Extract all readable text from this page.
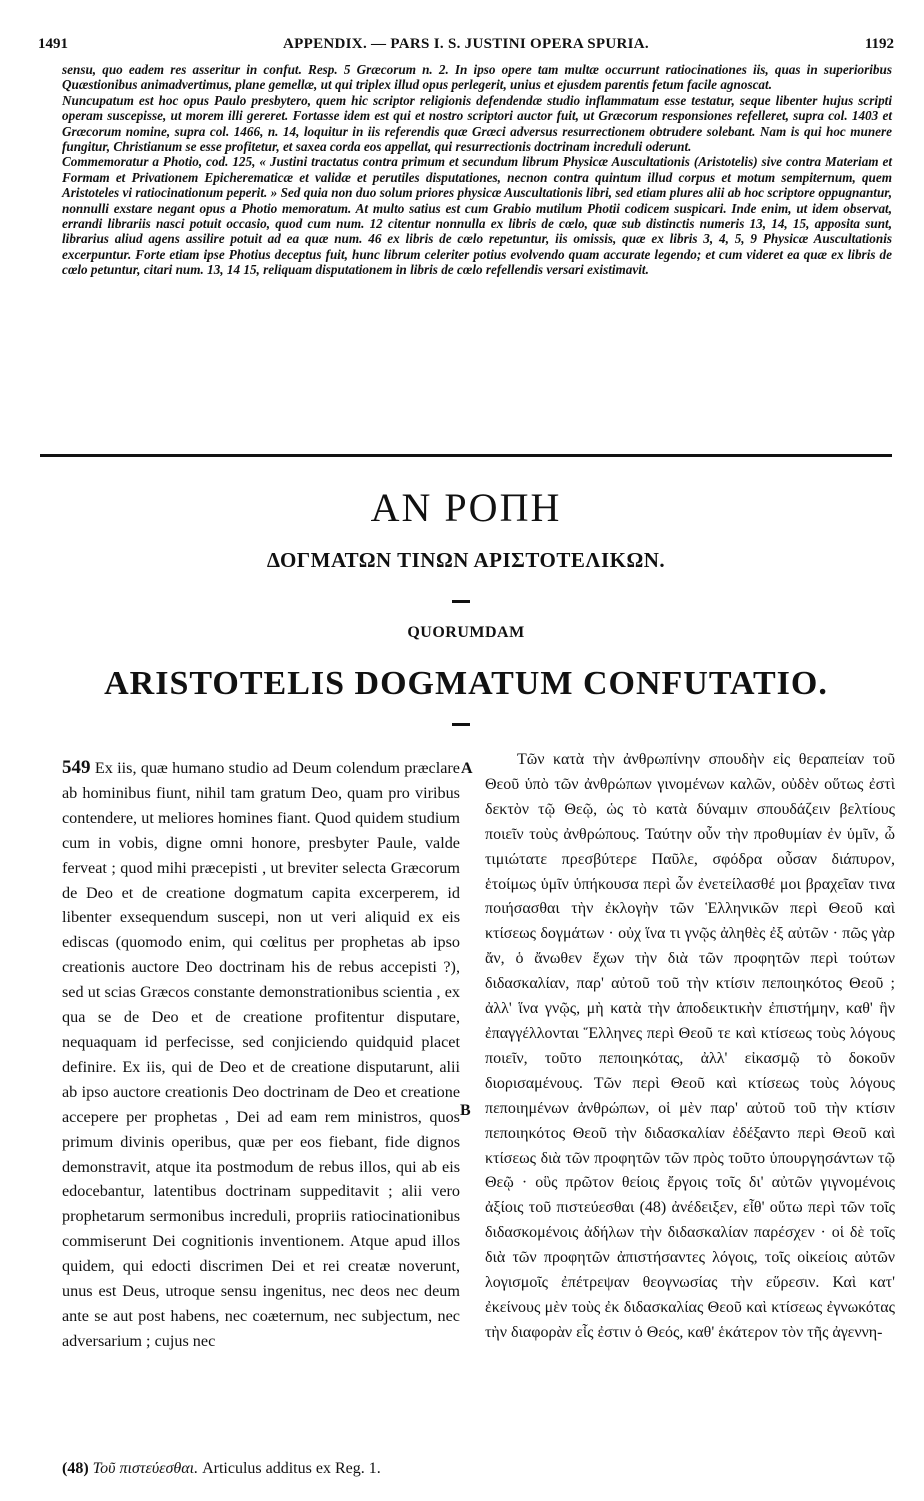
1491	APPENDIX. — PARS I. S. JUSTINI OPERA SPURIA.	1192

sensu, quo eadem res asseritur in confut. Resp. 5 Græcorum n. 2. In ipso opere tam multæ occurrunt ratiocinationes iis, quas in superioribus Quæstionibus animadvertimus, plane gemellæ, ut qui triplex illud opus perlegerit, unius et ejusdem parentis fetum facile agnoscat.

Nuncupatum est hoc opus Paulo presbytero, quem hic scriptor religionis defendendæ studio inflammatum esse testatur, seque libenter hujus scripti operam suscepisse, ut morem illi gereret. Fortasse idem est qui et nostro scriptori auctor fuit, ut Græcorum responsiones refelleret, supra col. 1403 et Græcorum nomine, supra col. 1466, n. 14, loquitur in iis referendis quæ Græci adversus resurrectionem obtrudere solebant. Nam is qui hoc munere fungitur, Christianum se esse profitetur, et saxea corda eos appellat, qui resurrectionis doctrinam increduli oderunt.

Commemoratur a Photio, cod. 125, « Justini tractatus contra primum et secundum librum Physicæ Auscultationis (Aristotelis) sive contra Materiam et Formam et Privationem Epicherematicæ et validæ et perutiles disputationes, necnon contra quintum illud corpus et motum sempiternum, quem Aristoteles vi ratiocinationum peperit. » Sed quia non duo solum priores physicæ Auscultationis libri, sed etiam plures alii ab hoc scriptore oppugnantur, nonnulli exstare negant opus a Photio memoratum. At multo satius est cum Grabio mutilum Photii codicem suspicari. Inde enim, ut idem observat, errandi librariis nasci potuit occasio, quod cum num. 12 citentur nonnulla ex libris de cœlo, quæ sub distinctis numeris 13, 14, 15, apposita sunt, librarius aliud agens assilire potuit ad ea quæ num. 46 ex libris de cœlo repetuntur, iis omissis, quæ ex libris 3, 4, 5, 9 Physicæ Auscultationis excerpuntur. Forte etiam ipse Photius deceptus fuit, hunc librum celeriter potius evolvendo quam accurate legendo; et cum videret ea quæ ex libris de cœlo petuntur, citari num. 13, 14 15, reliquam disputationem in libris de cœlo refellendis versari existimavit.

ΑΝ ΡΟΠΗ
ΔΟΓΜΑΤΩΝ ΤΙΝΩΝ ΑΡΙΣΤΟΤΕΛΙΚΩΝ.
QUORUMDAM
ARISTOTELIS DOGMATUM CONFUTATIO.

549 Ex iis, quæ humano studio ad Deum colendum præclare ab hominibus fiunt, nihil tam gratum Deo, quam pro viribus contendere, ut meliores homines fiant. Quod quidem studium cum in vobis, digne omni honore, presbyter Paule, valde ferveat ; quod mihi præcepisti , ut breviter selecta Græcorum de Deo et de creatione dogmatum capita excerperem, id libenter exsequendum suscepi, non ut veri aliquid ex eis ediscas (quomodo enim, qui cœlitus per prophetas ab ipso creationis auctore Deo doctrinam his de rebus accepisti ?), sed ut scias Græcos constante demonstrationibus scientia , ex qua se de Deo et de creatione profitentur disputare, nequaquam id perfecisse, sed conjiciendo quidquid placet definire. Ex iis, qui de Deo et de creatione disputarunt, alii ab ipso auctore creationis Deo doctrinam de Deo et creatione accepere per prophetas , Dei ad eam rem ministros, quos primum divinis operibus, quæ per eos fiebant, fide dignos demonstravit, atque ita postmodum de rebus illos, qui ab eis edocebantur, latentibus doctrinam suppeditavit ; alii vero prophetarum sermonibus increduli, propriis ratiocinationibus commiserunt Dei cognitionis inventionem. Atque apud illos quidem, qui edocti discrimen Dei et rei creatæ noverunt, unus est Deus, utroque sensu ingenitus, nec deos nec deum ante se aut post habens, nec coæternum, nec subjectum, nec adversarium ; cujus nec

A
B

Τῶν κατὰ τὴν ἀνθρωπίνην σπουδὴν εἰς θεραπείαν τοῦ Θεοῦ ὑπὸ τῶν ἀνθρώπων γινομένων καλῶν, οὐδὲν οὕτως ἐστὶ δεκτὸν τῷ Θεῷ, ὡς τὸ κατὰ δύναμιν σπουδάζειν βελτίους ποιεῖν τοὺς ἀνθρώπους. Ταύτην οὖν τὴν προθυμίαν ἐν ὑμῖν, ὦ τιμιώτατε πρεσβύτερε Παῦλε, σφόδρα οὖσαν διάπυρον, ἑτοίμως ὑμῖν ὑπήκουσα περὶ ὧν ἐνετείλασθέ μοι βραχεῖαν τινα ποιήσασθαι τὴν ἐκλογὴν τῶν Ἑλληνικῶν περὶ Θεοῦ καὶ κτίσεως δογμάτων · οὐχ ἵνα τι γνῷς ἀληθὲς ἐξ αὐτῶν · πῶς γὰρ ἄν, ὁ ἄνωθεν ἔχων τὴν διὰ τῶν προφητῶν περὶ τούτων διδασκαλίαν, παρ' αὐτοῦ τοῦ τὴν κτίσιν πεποιηκότος Θεοῦ ; ἀλλ' ἵνα γνῷς, μὴ κατὰ τὴν ἀποδεικτικὴν ἐπιστήμην, καθ' ἣν ἐπαγγέλλονται Ἕλληνες περὶ Θεοῦ τε καὶ κτίσεως τοὺς λόγους ποιεῖν, τοῦτο πεποιηκότας, ἀλλ' εἰκασμῷ τὸ δοκοῦν διορισαμένους. Τῶν περὶ Θεοῦ καὶ κτίσεως τοὺς λόγους πεποιημένων ἀνθρώπων, οἱ μὲν παρ' αὐτοῦ τοῦ τὴν κτίσιν πεποιηκότος Θεοῦ τὴν διδασκαλίαν ἐδέξαντο περὶ Θεοῦ καὶ κτίσεως διὰ τῶν προφητῶν τῶν πρὸς τοῦτο ὑπουργησάντων τῷ Θεῷ · οὓς πρῶτον θείοις ἔργοις τοῖς δι' αὐτῶν γιγνομένοις ἀξίοις τοῦ πιστεύεσθαι (48) ἀνέδειξεν, εἶθ' οὕτω περὶ τῶν τοῖς διδασκομένοις ἀδήλων τὴν διδασκαλίαν παρέσχεν · οἱ δὲ τοῖς διὰ τῶν προφητῶν ἀπιστήσαντες λόγοις, τοῖς οἰκείοις αὐτῶν λογισμοῖς ἐπέτρεψαν θεογνωσίας τὴν εὕρεσιν. Καὶ κατ' ἐκείνους μὲν τοὺς ἐκ διδασκαλίας Θεοῦ καὶ κτίσεως ἐγνωκότας τὴν διαφορὰν εἷς ἐστιν ὁ Θεός, καθ' ἑκάτερον τὸν τῆς ἀγεννη-

(48) Τοῦ πιστεύεσθαι. Articulus additus ex Reg. 1.
